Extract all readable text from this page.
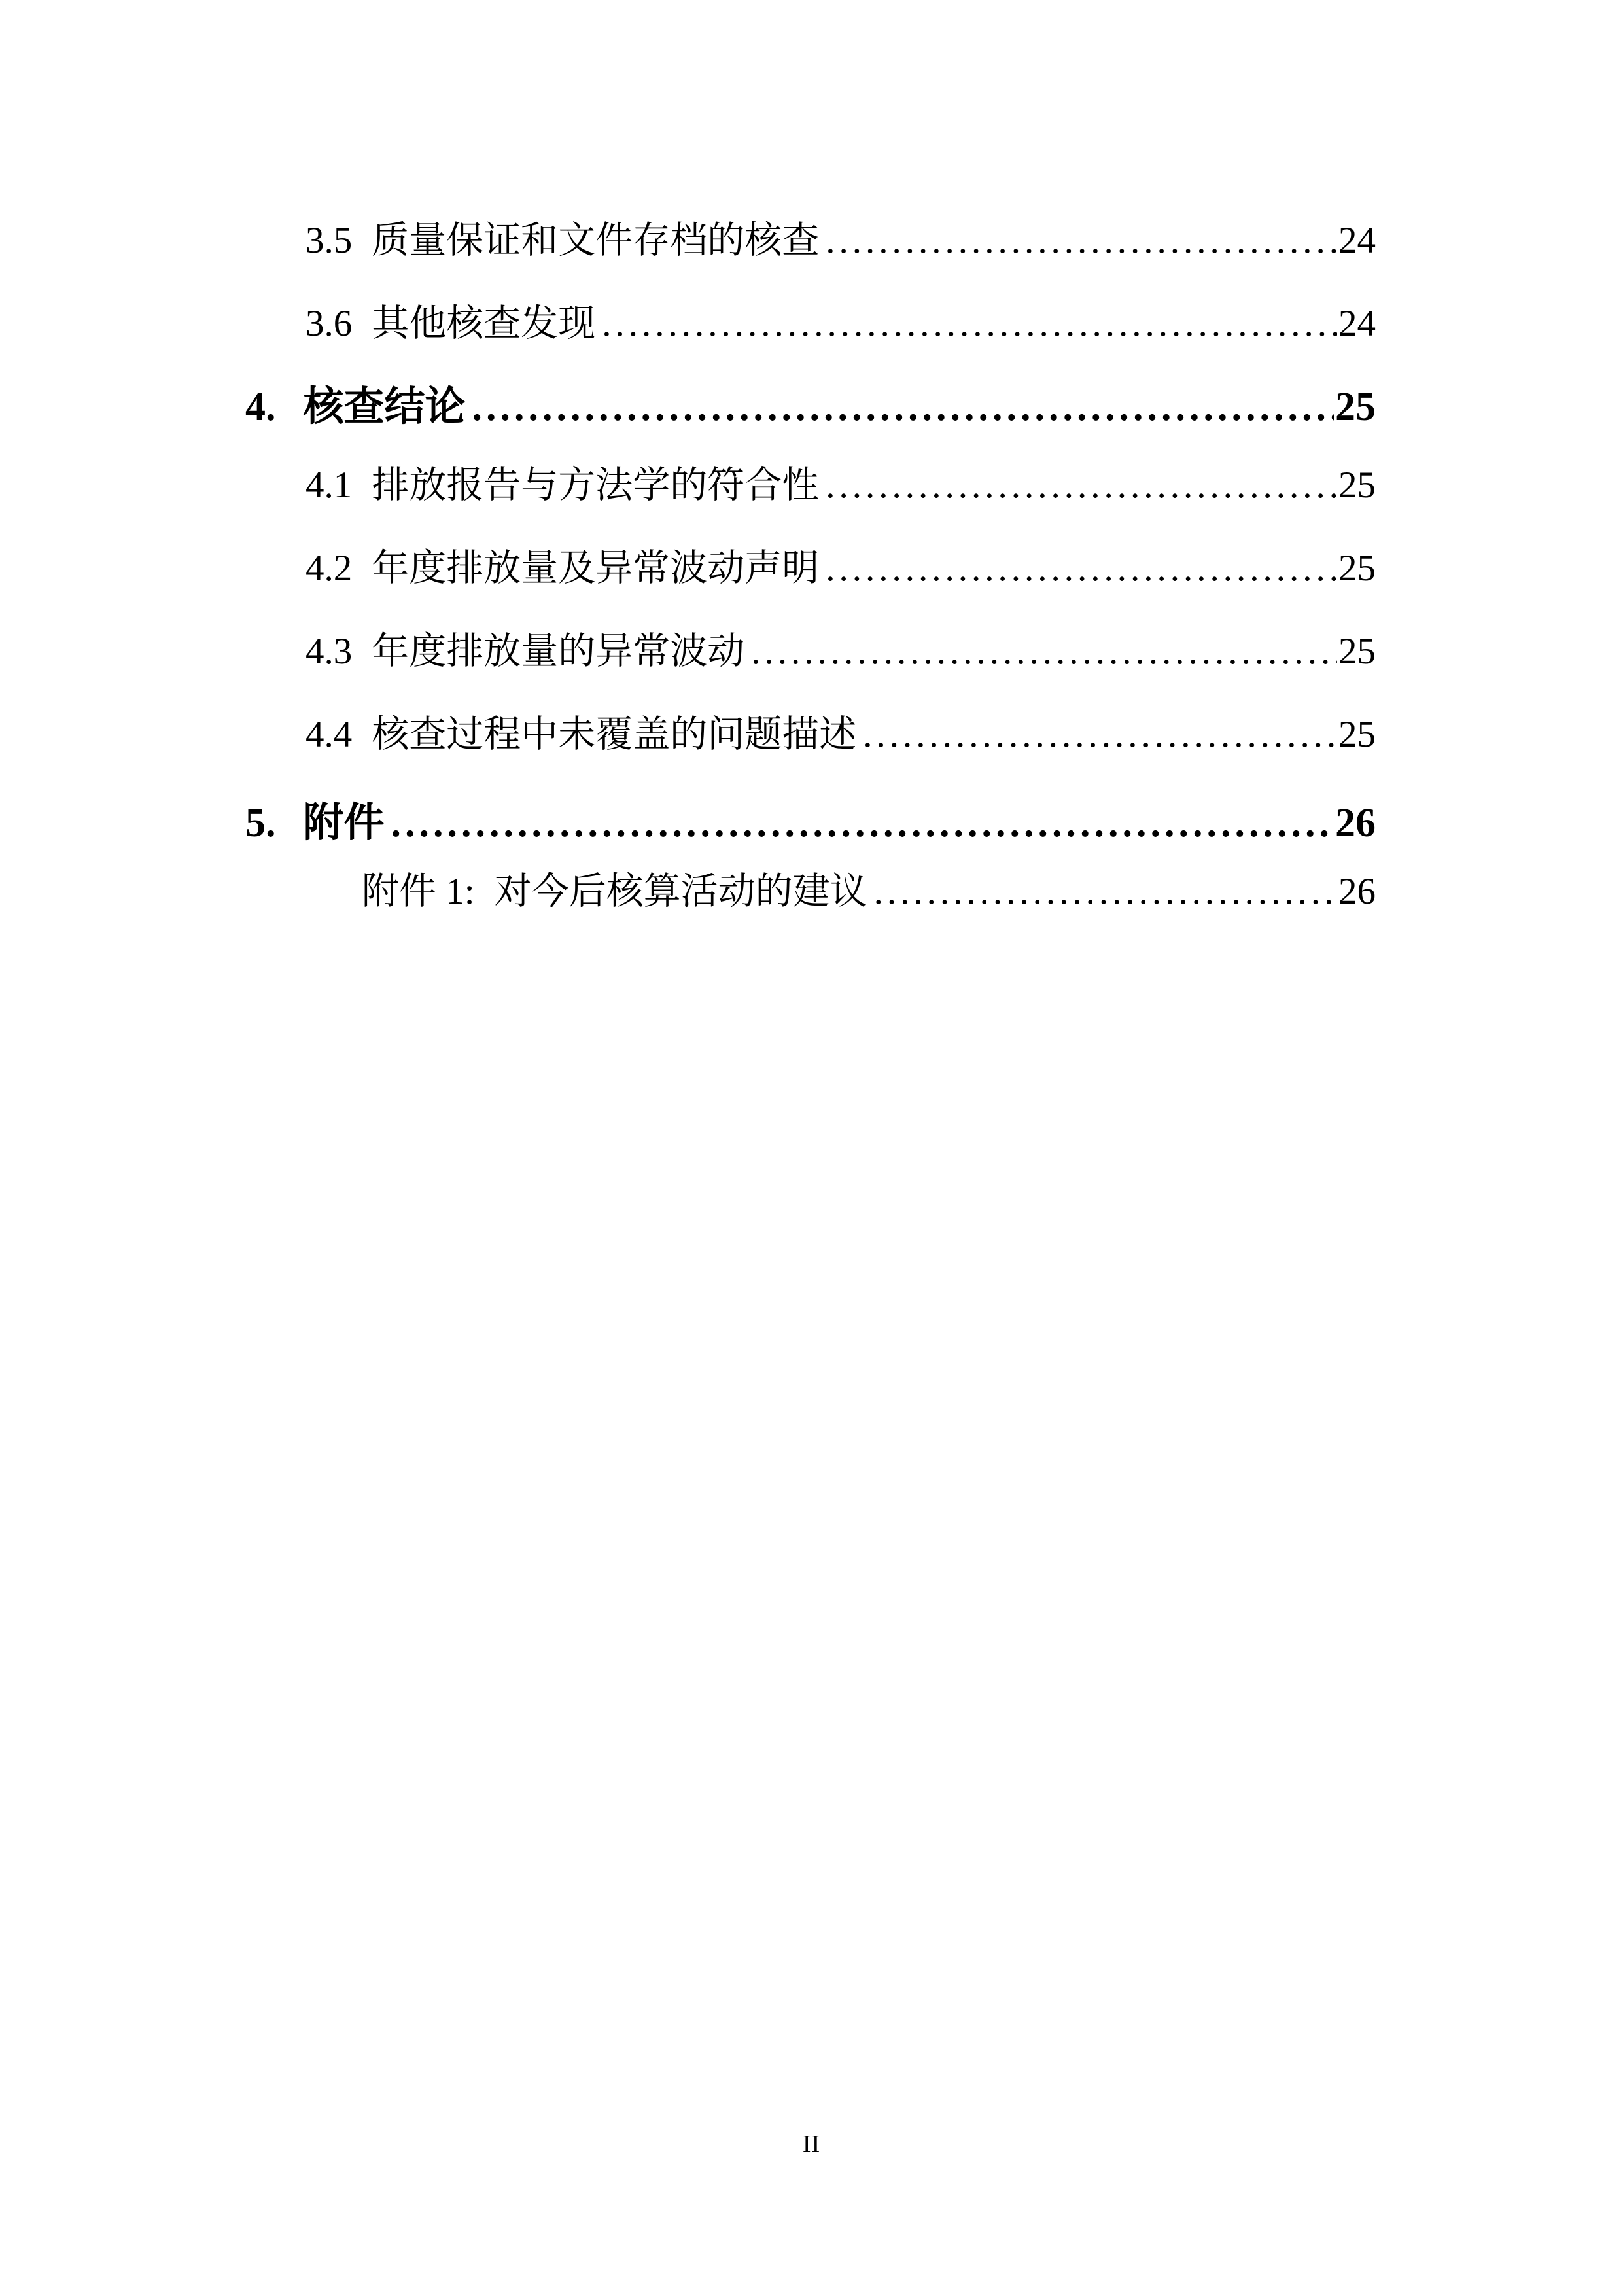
3.5 质量保证和文件存档的核查 .....	24
3.6 其他核查发现 .....	24
4. 核查结论 .....	25
4.1 排放报告与方法学的符合性 .....	25
4.2 年度排放量及异常波动声明 .....	25
4.3 年度排放量的异常波动 .....	25
4.4 核查过程中未覆盖的问题描述 .....	25
5. 附件 .....	26
附件 1: 对今后核算活动的建议 .....	26
II
